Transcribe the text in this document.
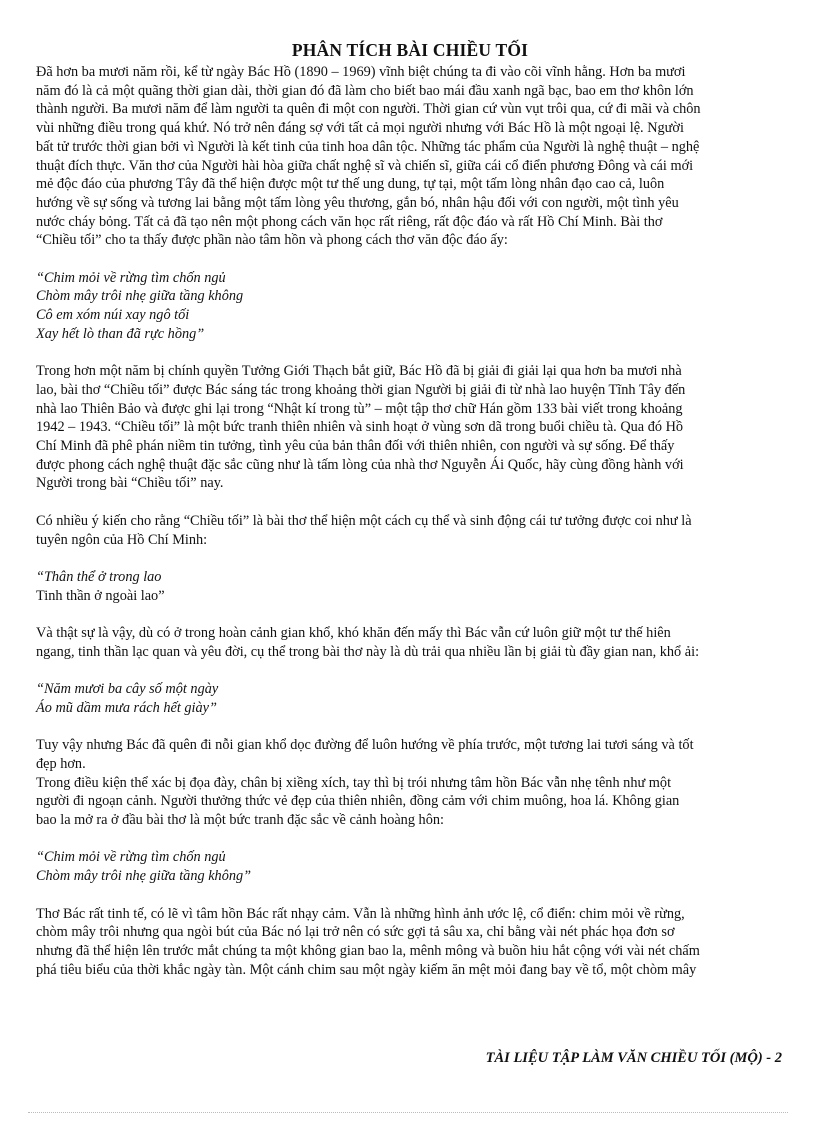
PHÂN TÍCH BÀI CHIỀU TỐI

Đã hơn ba mươi năm rồi, kể từ ngày Bác Hồ (1890 – 1969) vĩnh biệt chúng ta đi vào cõi vĩnh hằng. Hơn ba mươi

năm đó là cả một quãng thời gian dài, thời gian đó đã làm cho biết bao mái đầu xanh ngã bạc, bao em thơ khôn lớn

thành người. Ba mươi năm để làm người ta quên đi một con người. Thời gian cứ vùn vụt trôi qua, cứ đi mãi và chôn

vùi những điều trong quá khứ. Nó trở nên đáng sợ với tất cả mọi người nhưng với Bác Hồ là một ngoại lệ. Người

bất tử trước thời gian bởi vì Người là kết tinh của tinh hoa dân tộc. Những tác phẩm của Người là nghệ thuật – nghệ

thuật đích thực. Văn thơ của Người hài hòa giữa chất nghệ sĩ và chiến sĩ, giữa cái cổ điển phương Đông và cái mới

mẻ độc đáo của phương Tây đã thể hiện được một tư thế ung dung, tự tại, một tấm lòng nhân đạo cao cả, luôn

hướng về sự sống và tương lai bằng một tấm lòng yêu thương, gắn bó, nhân hậu đối với con người, một tình yêu

nước cháy bỏng. Tất cả đã tạo nên một phong cách văn học rất riêng, rất độc đáo và rất Hồ Chí Minh. Bài thơ

“Chiều tối” cho ta thấy được phần nào tâm hồn và phong cách thơ văn độc đáo ấy:

“Chim mỏi về rừng tìm chốn ngủ

Chòm mây trôi nhẹ giữa tầng không

Cô em xóm núi xay ngô tối

Xay hết lò than đã rực hồng”

Trong hơn một năm bị chính quyền Tưởng Giới Thạch bắt giữ, Bác Hồ đã bị giải đi giải lại qua hơn ba mươi nhà

lao, bài thơ “Chiều tối” được Bác sáng tác trong khoảng thời gian Người bị giải đi từ nhà lao huyện Tĩnh Tây đến

nhà lao Thiên Bảo và được ghi lại trong “Nhật kí trong tù” – một tập thơ chữ Hán gồm 133 bài viết trong khoảng

1942 – 1943. “Chiều tối” là một bức tranh thiên nhiên và sinh hoạt ở vùng sơn dã trong buổi chiều tà. Qua đó Hồ

Chí Minh đã phê phán niềm tin tưởng, tình yêu của bản thân đối với thiên nhiên, con người và sự sống. Để thấy

được phong cách nghệ thuật đặc sắc cũng như là tấm lòng của nhà thơ Nguyễn Ái Quốc, hãy cùng đồng hành với

Người trong bài “Chiều tối” nay.

Có nhiều ý kiến cho rằng “Chiều tối” là bài thơ thể hiện một cách cụ thể và sinh động cái tư tưởng được coi như là

tuyên ngôn của Hồ Chí Minh:

“Thân thể ở trong lao

Tinh thần ở ngoài lao”

Và thật sự là vậy, dù có ở trong hoàn cảnh gian khổ, khó khăn đến mấy thì Bác vẫn cứ luôn giữ một tư thế hiên

ngang, tinh thần lạc quan và yêu đời, cụ thể trong bài thơ này là dù trải qua nhiều lần bị giải tù đầy gian nan, khổ ải:

“Năm mươi ba cây số một ngày

Áo mũ dầm mưa rách hết giày”

Tuy vậy nhưng Bác đã quên đi nỗi gian khổ dọc đường để luôn hướng về phía trước, một tương lai tươi sáng và tốt

đẹp hơn.

Trong điều kiện thể xác bị đọa đày, chân bị xiềng xích, tay thì bị trói nhưng tâm hồn Bác vẫn nhẹ tênh như một

người đi ngoạn cảnh. Người thưởng thức vẻ đẹp của thiên nhiên, đồng cảm với chim muông, hoa lá. Không gian

bao la mở ra ở đầu bài thơ là một bức tranh đặc sắc về cảnh hoàng hôn:

“Chim mỏi về rừng tìm chốn ngủ

Chòm mây trôi nhẹ giữa tầng không”

Thơ Bác rất tinh tế, có lẽ vì tâm hồn Bác rất nhạy cảm. Vẫn là những hình ảnh ước lệ, cổ điển: chim mỏi về rừng,

chòm mây trôi nhưng qua ngòi bút của Bác nó lại trở nên có sức gợi tả sâu xa, chỉ bằng vài nét phác họa đơn sơ

nhưng đã thể hiện lên trước mắt chúng ta một không gian bao la, mênh mông và buồn hiu hắt cộng với vài nét chấm

phá tiêu biểu của thời khắc ngày tàn. Một cánh chim sau một ngày kiếm ăn mệt mỏi đang bay về tổ, một chòm mây

TÀI LIỆU TẬP LÀM VĂN CHIỀU TỐI (MỘ) - 2
